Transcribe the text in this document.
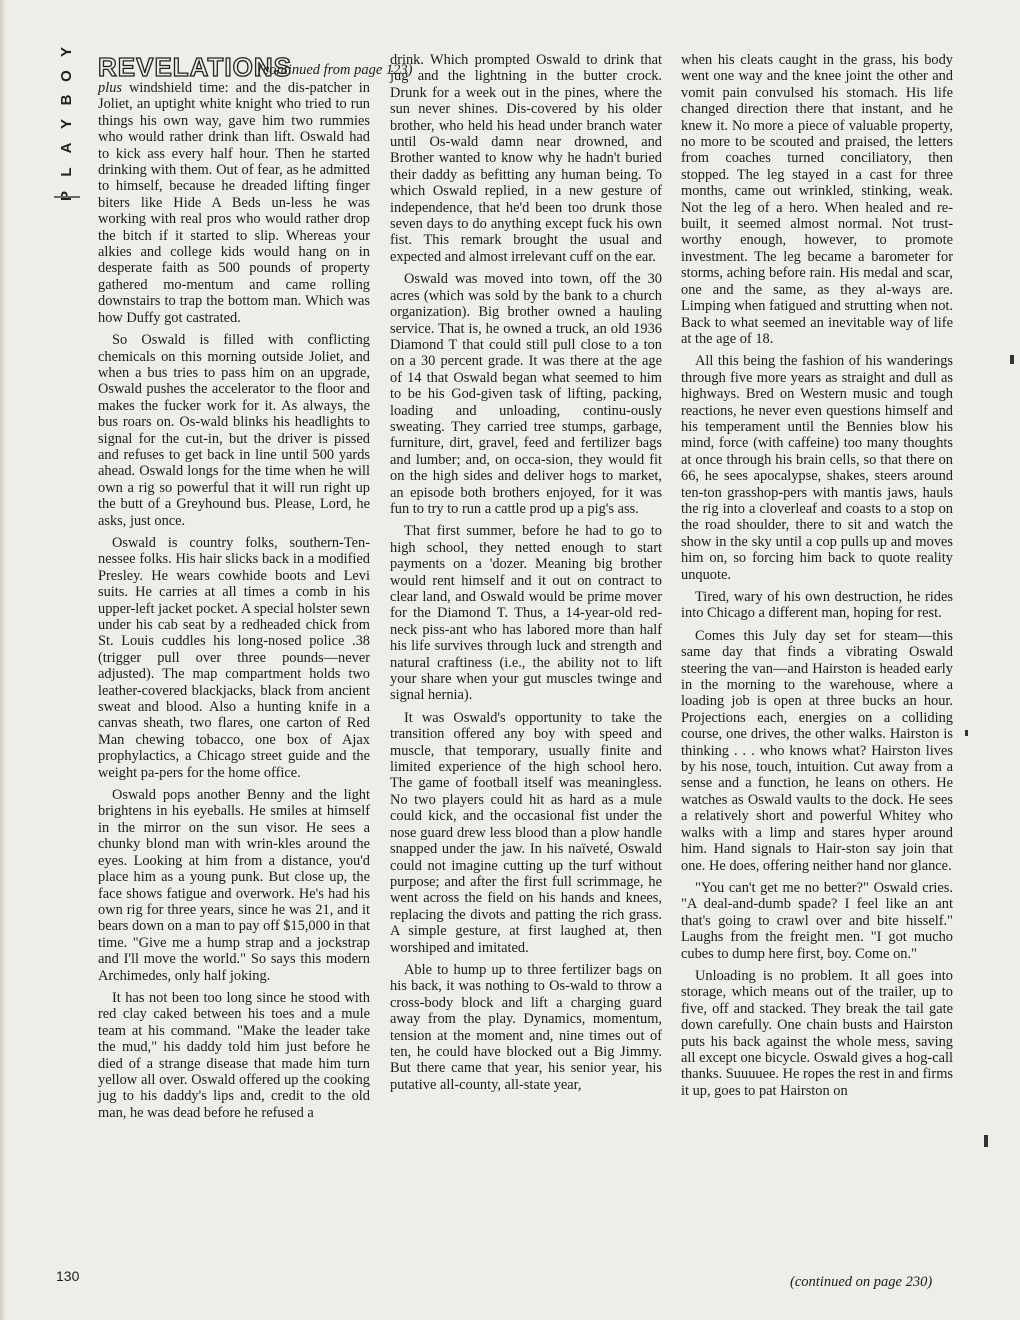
Y
O
B
Y
A
L
REVELATIONS
(continued from page 123)

plus windshield time: and the dis-patcher in Joliet, an uptight white knight who tried to run things his own way, gave him two rummies who would rather drink than lift. Oswald had to kick ass every half hour. Then he started drinking with them. Out of fear, as he admitted to himself, because he dreaded lifting finger biters like Hide A Beds un-less he was working with real pros who would rather drop the bitch if it started to slip. Whereas your alkies and college kids would hang on in desperate faith as 500 pounds of property gathered mo-mentum and came rolling downstairs to trap the bottom man. Which was how Duffy got castrated.

So Oswald is filled with conflicting chemicals on this morning outside Joliet, and when a bus tries to pass him on an upgrade, Oswald pushes the accelerator to the floor and makes the fucker work for it. As always, the bus roars on. Os-wald blinks his headlights to signal for the cut-in, but the driver is pissed and refuses to get back in line until 500 yards ahead. Oswald longs for the time when he will own a rig so powerful that it will run right up the butt of a Greyhound bus. Please, Lord, he asks, just once.

Oswald is country folks, southern-Ten-nessee folks. His hair slicks back in a modified Presley. He wears cowhide boots and Levi suits. He carries at all times a comb in his upper-left jacket pocket. A special holster sewn under his cab seat by a redheaded chick from St. Louis cuddles his long-nosed police .38 (trigger pull over three pounds—never adjusted). The map compartment holds two leather-covered blackjacks, black from ancient sweat and blood. Also a hunting knife in a canvas sheath, two flares, one carton of Red Man chewing tobacco, one box of Ajax prophylactics, a Chicago street guide and the weight pa-pers for the home office.

Oswald pops another Benny and the light brightens in his eyeballs. He smiles at himself in the mirror on the sun visor. He sees a chunky blond man with wrin-kles around the eyes. Looking at him from a distance, you'd place him as a young punk. But close up, the face shows fatigue and overwork. He's had his own rig for three years, since he was 21, and it bears down on a man to pay off $15,000 in that time. "Give me a hump strap and a jockstrap and I'll move the world." So says this modern Archimedes, only half joking.

It has not been too long since he stood with red clay caked between his toes and a mule team at his command. "Make the leader take the mud," his daddy told him just before he died of a strange disease that made him turn yellow all over. Oswald offered up the cooking jug to his daddy's lips and, credit to the old man, he was dead before he refused a

drink. Which prompted Oswald to drink that jug and the lightning in the butter crock. Drunk for a week out in the pines, where the sun never shines. Dis-covered by his older brother, who held his head under branch water until Os-wald damn near drowned, and Brother wanted to know why he hadn't buried their daddy as befitting any human being. To which Oswald replied, in a new gesture of independence, that he'd been too drunk those seven days to do anything except fuck his own fist. This remark brought the usual and expected and almost irrelevant cuff on the ear.

Oswald was moved into town, off the 30 acres (which was sold by the bank to a church organization). Big brother owned a hauling service. That is, he owned a truck, an old 1936 Diamond T that could still pull close to a ton on a 30 percent grade. It was there at the age of 14 that Oswald began what seemed to him to be his God-given task of lifting, packing, loading and unloading, continu-ously sweating. They carried tree stumps, garbage, furniture, dirt, gravel, feed and fertilizer bags and lumber; and, on occa-sion, they would fit on the high sides and deliver hogs to market, an episode both brothers enjoyed, for it was fun to try to run a cattle prod up a pig's ass.

That first summer, before he had to go to high school, they netted enough to start payments on a 'dozer. Meaning big brother would rent himself and it out on contract to clear land, and Oswald would be prime mover for the Diamond T. Thus, a 14-year-old red-neck piss-ant who has labored more than half his life survives through luck and strength and natural craftiness (i.e., the ability not to lift your share when your gut muscles twinge and signal hernia).

It was Oswald's opportunity to take the transition offered any boy with speed and muscle, that temporary, usually finite and limited experience of the high school hero. The game of football itself was meaningless. No two players could hit as hard as a mule could kick, and the occasional fist under the nose guard drew less blood than a plow handle snapped under the jaw. In his naïveté, Oswald could not imagine cutting up the turf without purpose; and after the first full scrimmage, he went across the field on his hands and knees, replacing the divots and patting the rich grass. A simple gesture, at first laughed at, then worshiped and imitated.

Able to hump up to three fertilizer bags on his back, it was nothing to Os-wald to throw a cross-body block and lift a charging guard away from the play. Dynamics, momentum, tension at the moment and, nine times out of ten, he could have blocked out a Big Jimmy. But there came that year, his senior year, his putative all-county, all-state year,

when his cleats caught in the grass, his body went one way and the knee joint the other and vomit pain convulsed his stomach. His life changed direction there that instant, and he knew it. No more a piece of valuable property, no more to be scouted and praised, the letters from coaches turned conciliatory, then stopped. The leg stayed in a cast for three months, came out wrinkled, stinking, weak. Not the leg of a hero. When healed and re-built, it seemed almost normal. Not trust-worthy enough, however, to promote investment. The leg became a barometer for storms, aching before rain. His medal and scar, one and the same, as they al-ways are. Limping when fatigued and strutting when not. Back to what seemed an inevitable way of life at the age of 18.

All this being the fashion of his wanderings through five more years as straight and dull as highways. Bred on Western music and tough reactions, he never even questions himself and his temperament until the Bennies blow his mind, force (with caffeine) too many thoughts at once through his brain cells, so that there on 66, he sees apocalypse, shakes, steers around ten-ton grasshop-pers with mantis jaws, hauls the rig into a cloverleaf and coasts to a stop on the road shoulder, there to sit and watch the show in the sky until a cop pulls up and moves him on, so forcing him back to quote reality unquote.

Tired, wary of his own destruction, he rides into Chicago a different man, hoping for rest.

Comes this July day set for steam—this same day that finds a vibrating Oswald steering the van—and Hairston is headed early in the morning to the warehouse, where a loading job is open at three bucks an hour. Projections each, energies on a colliding course, one drives, the other walks. Hairston is thinking . . . who knows what? Hairston lives by his nose, touch, intuition. Cut away from a sense and a function, he leans on others. He watches as Oswald vaults to the dock. He sees a relatively short and powerful Whitey who walks with a limp and stares hyper around him. Hand signals to Hair-ston say join that one. He does, offering neither hand nor glance.

"You can't get me no better?" Oswald cries. "A deal-and-dumb spade? I feel like an ant that's going to crawl over and bite hisself." Laughs from the freight men. "I got mucho cubes to dump here first, boy. Come on."

Unloading is no problem. It all goes into storage, which means out of the trailer, up to five, off and stacked. They break the tail gate down carefully. One chain busts and Hairston puts his back against the whole mess, saving all except one bicycle. Oswald gives a hog-call thanks. Suuuuee. He ropes the rest in and firms it up, goes to pat Hairston on

(continued on page 230)
130
